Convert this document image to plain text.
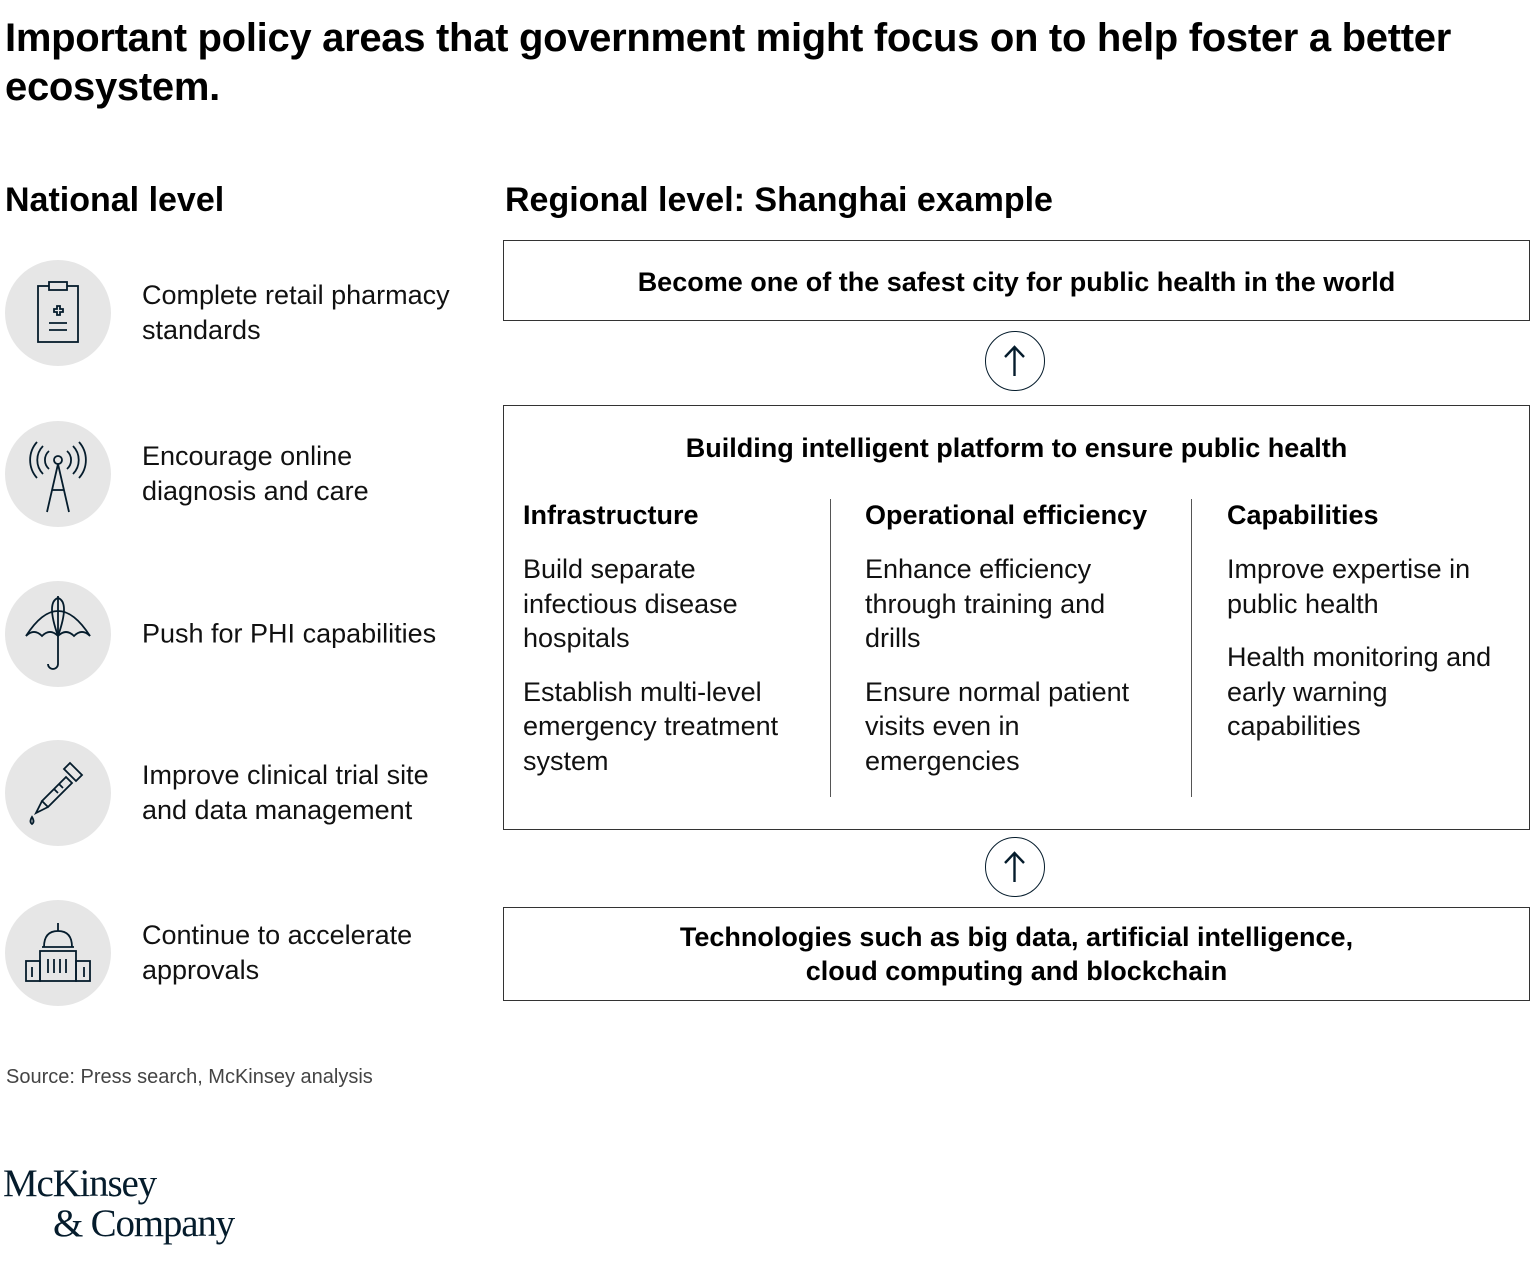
Important policy areas that government might focus on to help foster a better ecosystem.
National level	Regional level: Shanghai example
Complete retail pharmacy standards
Encourage online diagnosis and care
Push for PHI capabilities
Improve clinical trial site and data management
Continue to accelerate approvals
Become one of the safest city for public health in the world
Building intelligent platform to ensure public health
Infrastructure
Build separate infectious disease hospitals
Establish multi-level emergency treatment system
Operational efficiency
Enhance efficiency through training and drills
Ensure normal patient visits even in emergencies
Capabilities
Improve expertise in public health
Health monitoring and early warning capabilities
Technologies such as big data, artificial intelligence,
cloud computing and blockchain
Source: Press search, McKinsey analysis
McKinsey
& Company
